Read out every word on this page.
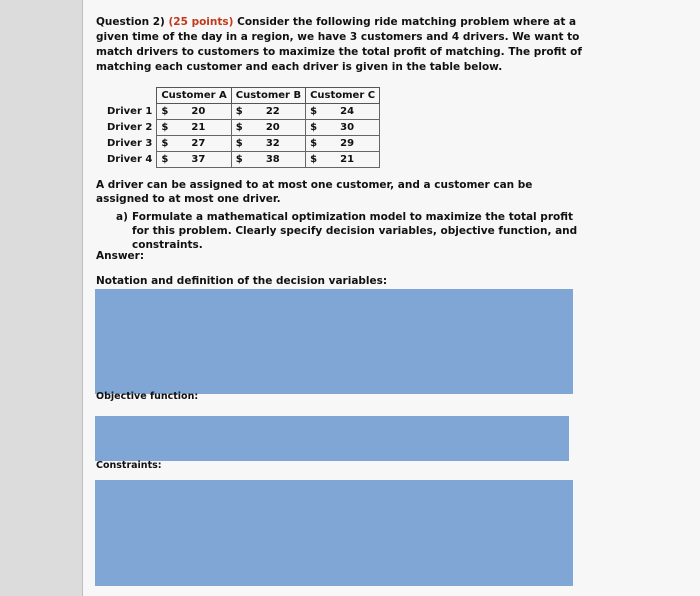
Question 2) (25 points) Consider the following ride matching problem where at a given time of the day in a region, we have 3 customers and 4 drivers. We want to match drivers to customers to maximize the total profit of matching. The profit of matching each customer and each driver is given in the table below.
	Customer A	Customer B	Customer C
Driver 1	$ 20	$ 22	$ 24
Driver 2	$ 21	$ 20	$ 30
Driver 3	$ 27	$ 32	$ 29
Driver 4	$ 37	$ 38	$ 21
A driver can be assigned to at most one customer, and a customer can be assigned to at most one driver.
a) Formulate a mathematical optimization model to maximize the total profit for this problem. Clearly specify decision variables, objective function, and constraints.
Answer:
Notation and definition of the decision variables:
Objective function:
Constraints:
